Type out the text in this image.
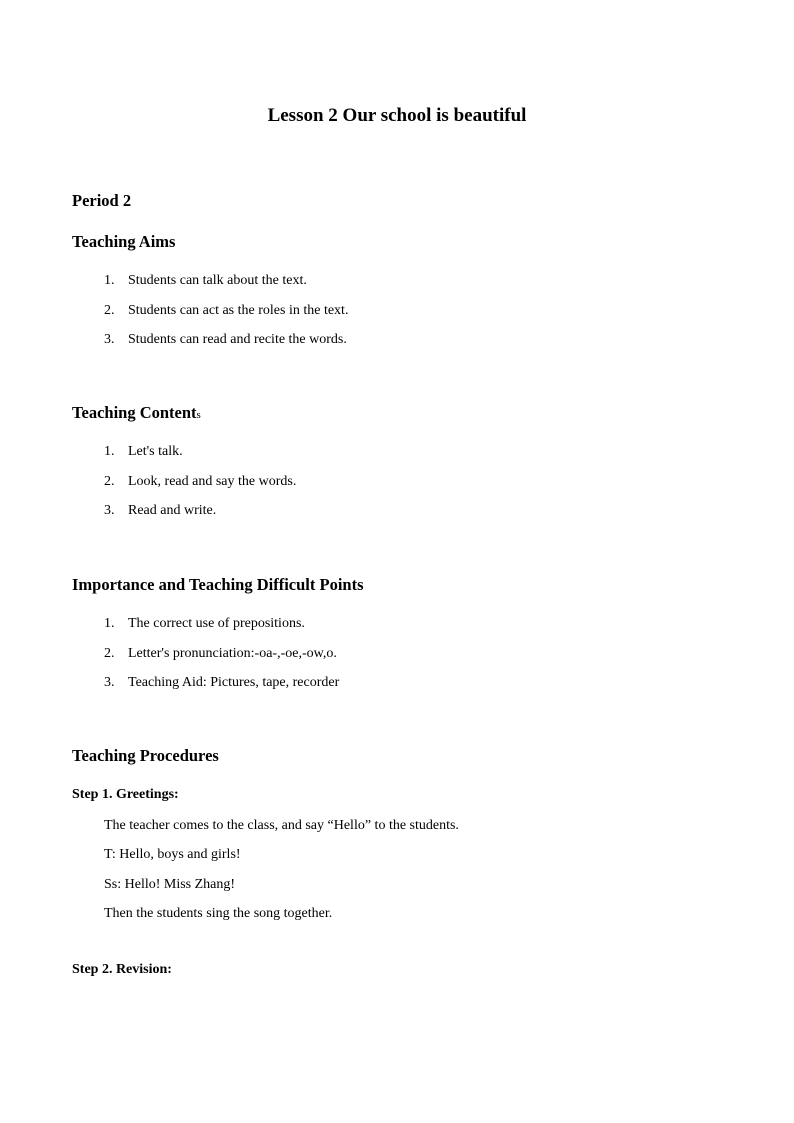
Lesson 2 Our school is beautiful
Period 2
Teaching Aims
1. Students can talk about the text.
2. Students can act as the roles in the text.
3. Students can read and recite the words.
Teaching Contents
1. Let's talk.
2. Look, read and say the words.
3. Read and write.
Importance and Teaching Difficult Points
1. The correct use of prepositions.
2. Letter's pronunciation:-oa-,-oe,-ow,o.
3. Teaching Aid: Pictures, tape, recorder
Teaching Procedures
Step 1. Greetings:
The teacher comes to the class, and say “Hello” to the students.
T: Hello, boys and girls!
Ss: Hello! Miss Zhang!
Then the students sing the song together.
Step 2. Revision:
